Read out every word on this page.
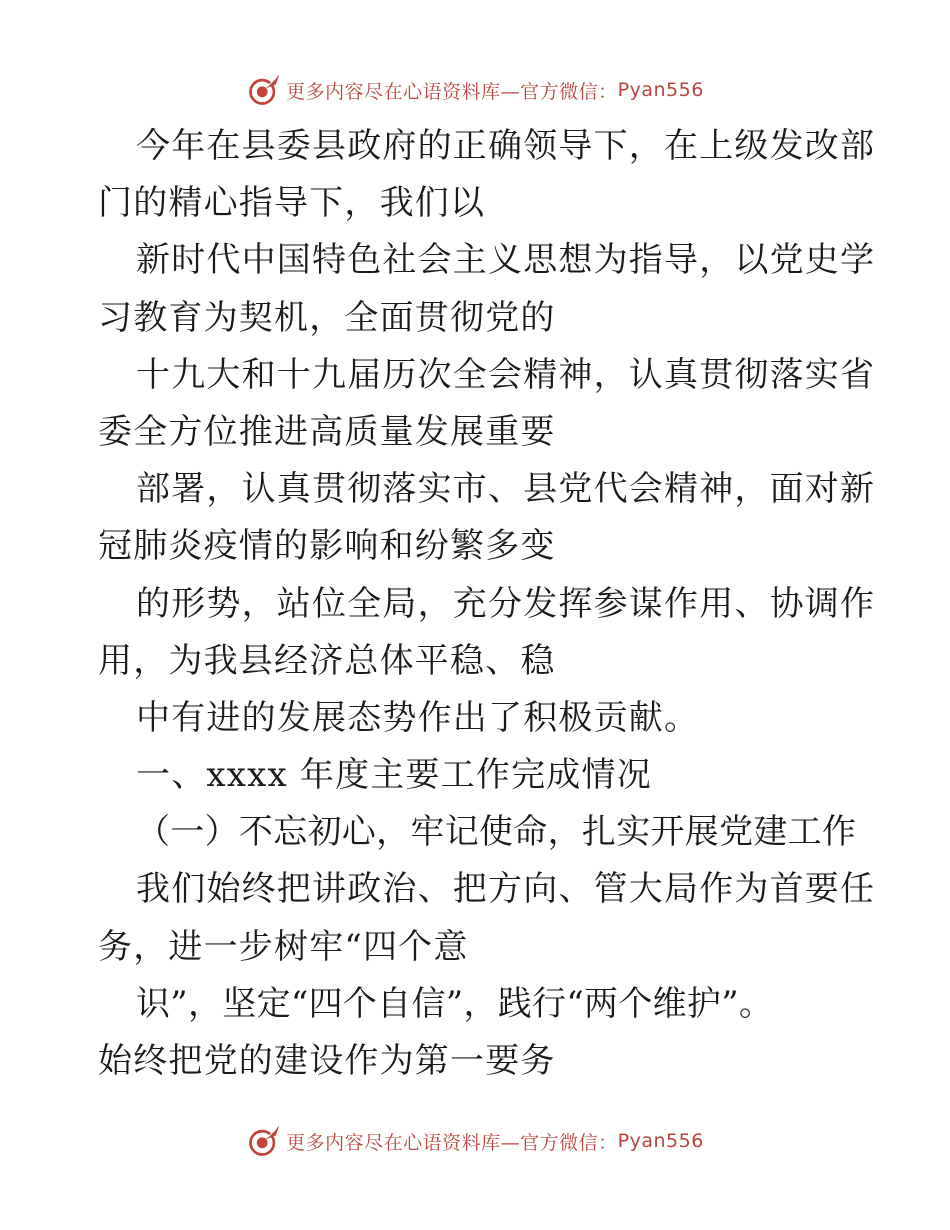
更多内容尽在心语资料库—官方微信： Pyan556
今年在县委县政府的正确领导下，在上级发改部
门的精心指导下，我们以
新时代中国特色社会主义思想为指导，以党史学
习教育为契机，全面贯彻党的
十九大和十九届历次全会精神，认真贯彻落实省
委全方位推进高质量发展重要
部署，认真贯彻落实市、县党代会精神，面对新
冠肺炎疫情的影响和纷繁多变
的形势，站位全局，充分发挥参谋作用、协调作
用，为我县经济总体平稳、稳
中有进的发展态势作出了积极贡献。
一、xxxx 年度主要工作完成情况
（一）不忘初心，牢记使命，扎实开展党建工作
我们始终把讲政治、把方向、管大局作为首要任
务，进一步树牢“四个意
识”，坚定“四个自信”，践行“两个维护”。
始终把党的建设作为第一要务
更多内容尽在心语资料库—官方微信： Pyan556
